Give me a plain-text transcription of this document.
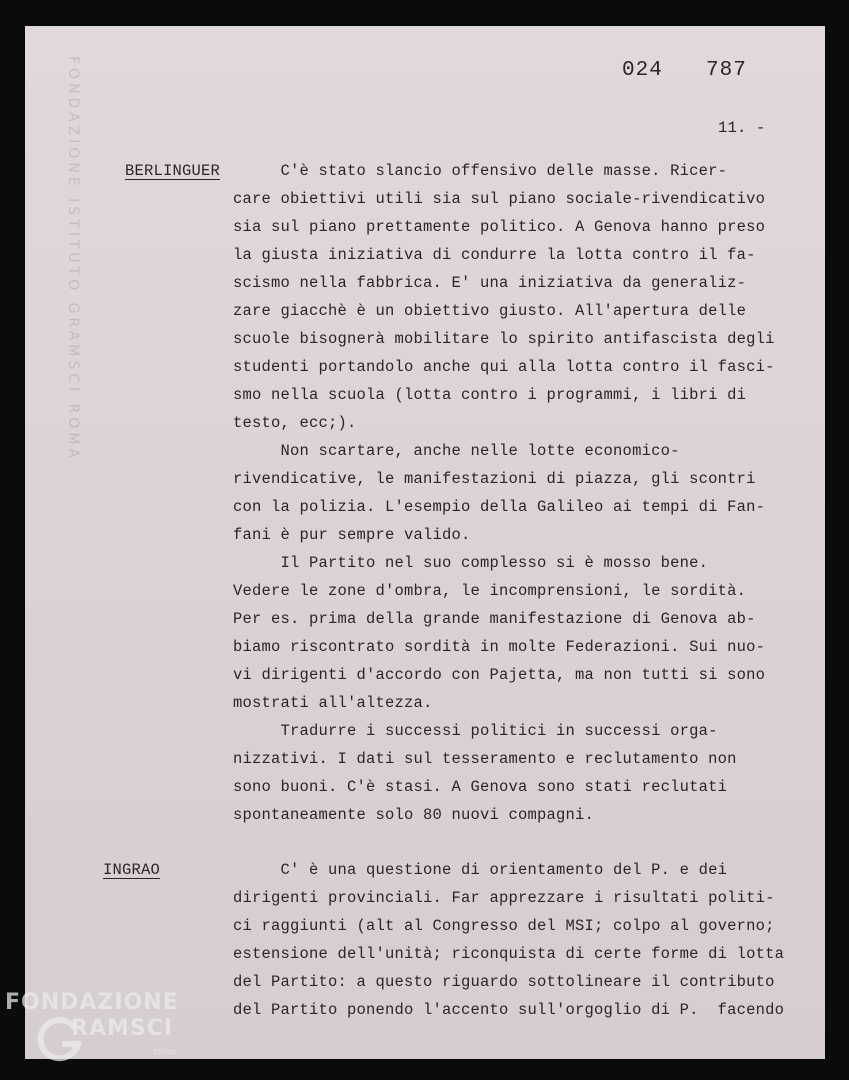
FONDAZIONE ISTITUTO GRAMSCI ROMA	024  787
11. -
BERLINGUER C'è stato slancio offensivo delle masse. Ricer-
care obiettivi utili sia sul piano sociale-rivendicativo
sia sul piano prettamente politico. A Genova hanno preso
la giusta iniziativa di condurre la lotta contro il fa-
scismo nella fabbrica. E' una iniziativa da generaliz-
zare giacchè è un obiettivo giusto. All'apertura delle
scuole bisognerà mobilitare lo spirito antifascista degli
studenti portandolo anche qui alla lotta contro il fasci-
smo nella scuola (lotta contro i programmi, i libri di
testo, ecc;).
Non scartare, anche nelle lotte economico-
rivendicative, le manifestazioni di piazza, gli scontri
con la polizia. L'esempio della Galileo ai tempi di Fan-
fani è pur sempre valido.
Il Partito nel suo complesso si è mosso bene.
Vedere le zone d'ombra, le incomprensioni, le sordità.
Per es. prima della grande manifestazione di Genova ab-
biamo riscontrato sordità in molte Federazioni. Sui nuo-
vi dirigenti d'accordo con Pajetta, ma non tutti si sono
mostrati all'altezza.
Tradurre i successi politici in successi orga-
nizzativi. I dati sul tesseramento e reclutamento non
sono buoni. C'è stasi. A Genova sono stati reclutati
spontaneamente solo 80 nuovi compagni.
INGRAO	C' è una questione di orientamento del P. e dei
dirigenti provinciali. Far apprezzare i risultati politi-
ci raggiunti (alt al Congresso del MSI; colpo al governo;
estensione dell'unità; riconquista di certe forme di lotta
del Partito: a questo riguardo sottolineare il contributo
del Partito ponendo l'accento sull'orgoglio di P.  facendo
FONDAZIONE
RAMSCI
onlus
